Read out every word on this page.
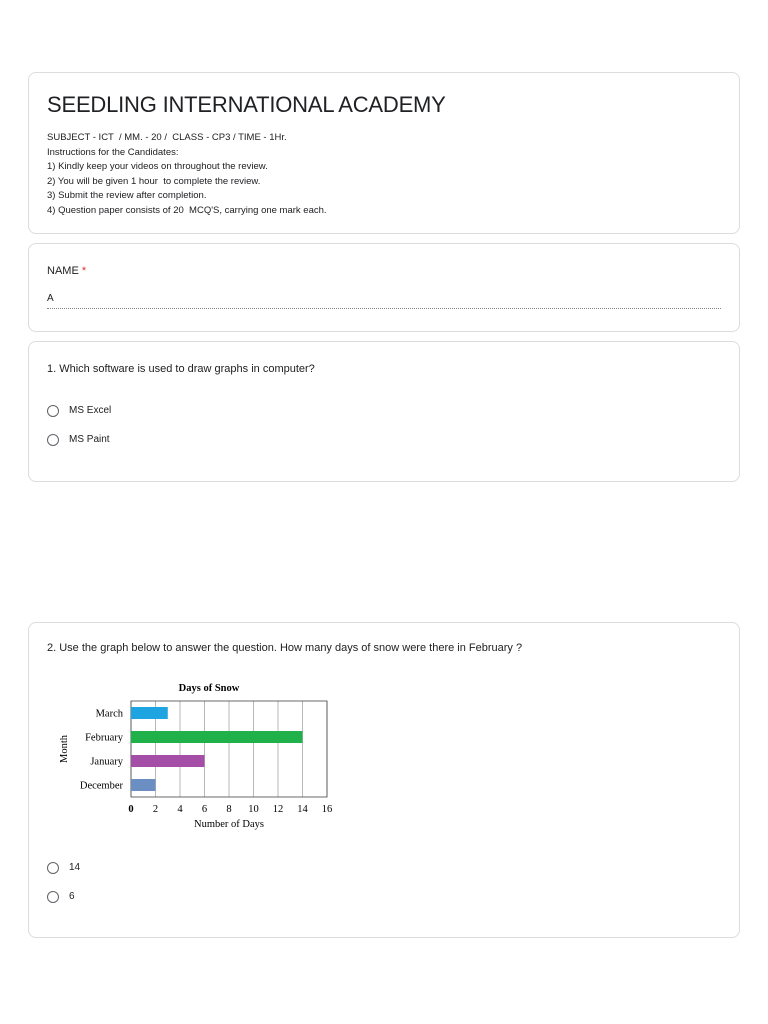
SEEDLING INTERNATIONAL ACADEMY
SUBJECT - ICT  / MM. - 20 /  CLASS - CP3 / TIME - 1Hr.
Instructions for the Candidates:
1) Kindly keep your videos on throughout the review.
2) You will be given 1 hour  to complete the review.
3) Submit the review after completion.
4) Question paper consists of 20  MCQ'S, carrying one mark each.
NAME *
A
1. Which software is used to draw graphs in computer?
MS Excel
MS Paint
2. Use the graph below to answer the question. How many days of snow were there in February ?
Days of Snow
March
February
January
December
0 2 4 6 8 10 12 14 16
Number of Days
Month
14
6
